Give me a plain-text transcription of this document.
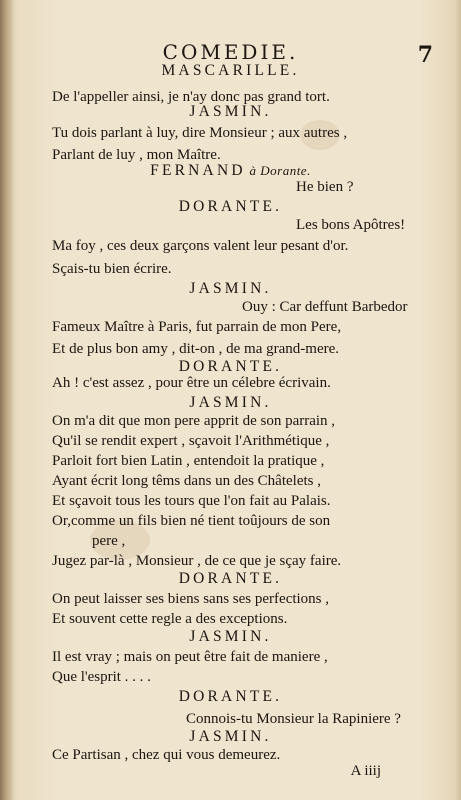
COMEDIE.	7
MASCARILLE.
De l'appeller ainsi, je n'ay donc pas grand tort.
JASMIN.
Tu dois parlant à luy, dire Monsieur ; aux autres ,
Parlant de luy , mon Maître.
FERNAND à Dorante.
He bien ?
DORANTE.
Les bons Apôtres!
Ma foy , ces deux garçons valent leur pesant d'or.
Sçais-tu bien écrire.
JASMIN.
Ouy : Car deffunt Barbedor
Fameux Maître à Paris, fut parrain de mon Pere,
Et de plus bon amy , dit-on , de ma grand-mere.
DORANTE.
Ah ! c'est assez , pour être un célebre écrivain.
JASMIN.
On m'a dit que mon pere apprit de son parrain ,
Qu'il se rendit expert , sçavoit l'Arithmétique ,
Parloit fort bien Latin , entendoit la pratique ,
Ayant écrit long têms dans un des Châtelets ,
Et sçavoit tous les tours que l'on fait au Palais.
Or,comme un fils bien né tient toûjours de son
pere ,
Jugez par-là , Monsieur , de ce que je sçay faire.
DORANTE.
On peut laisser ses biens sans ses perfections ,
Et souvent cette regle a des exceptions.
JASMIN.
Il est vray ; mais on peut être fait de maniere ,
Que l'esprit . . . .
DORANTE.
Connois-tu Monsieur la Rapiniere ?
JASMIN.
Ce Partisan , chez qui vous demeurez.
A iiij
